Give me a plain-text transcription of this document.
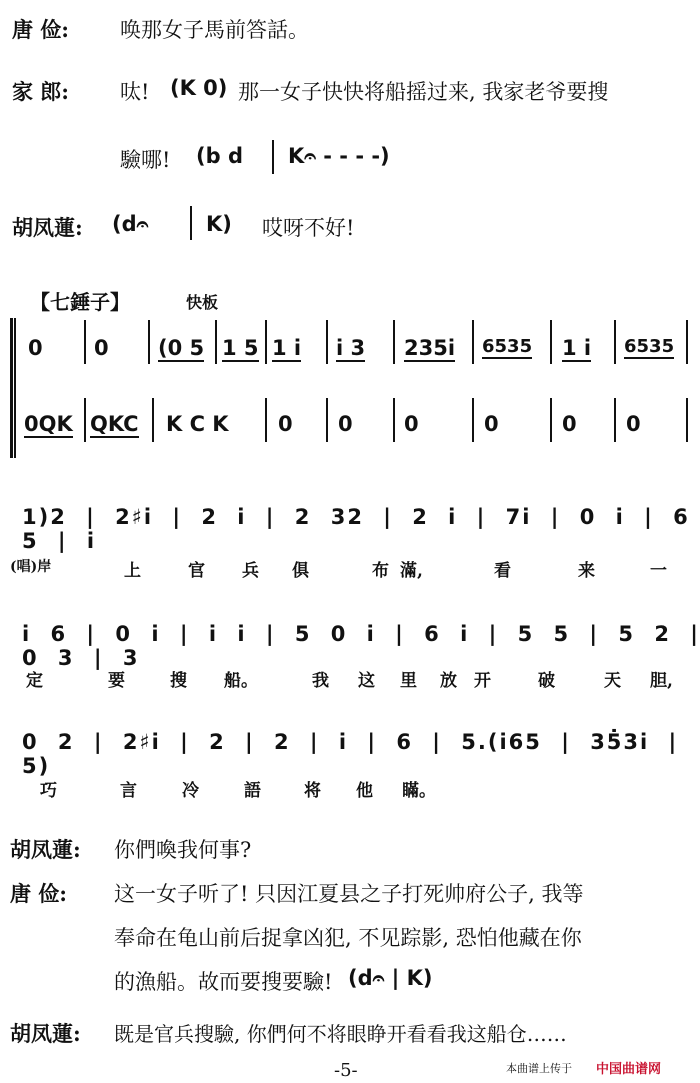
唐 俭: 唤那女子馬前答話。
家 郎: 呔! (K 0) 那一女子快快将船摇过来, 我家老爷要搜
驗哪! (b d K𝄐 - - - -)
胡凤蓮: (d𝄐	K) 哎呀不好!
【七錘子】	快板
0 0 (0 5 1 5 1 i i 3 235i 6535 1 i 6535
0QK QKC K C K 0 0 0	0	0 0
1)2 | 2♯i | 2 i | 2 32 | 2 i | 7i | 0 i | 6 5 | i
(唱)岸	上	官 兵 俱	布 滿,	看	来	一
i 6 | 0 i | i i | 5 0 i | 6 i | 5 5 | 5 2 | 0 3 | 3
定	要	搜 船。	我 这 里 放 开	破	天 胆,
0 2 | 2♯i | 2 | 2 | i | 6 | 5.(i65 | 35̇3i | 5)
巧	言	冷	語	将 他 瞞。
胡凤蓮: 你們喚我何事?
唐 俭: 这一女子听了! 只因江夏县之子打死帅府公子, 我等
奉命在龟山前后捉拿凶犯, 不见踪影, 恐怕他藏在你
的漁船。故而要搜要驗! (d𝄐 | K)
胡凤蓮: 既是官兵搜驗, 你們何不将眼睁开看看我这船仓……
-5-	本曲谱上传于 中国曲谱网
